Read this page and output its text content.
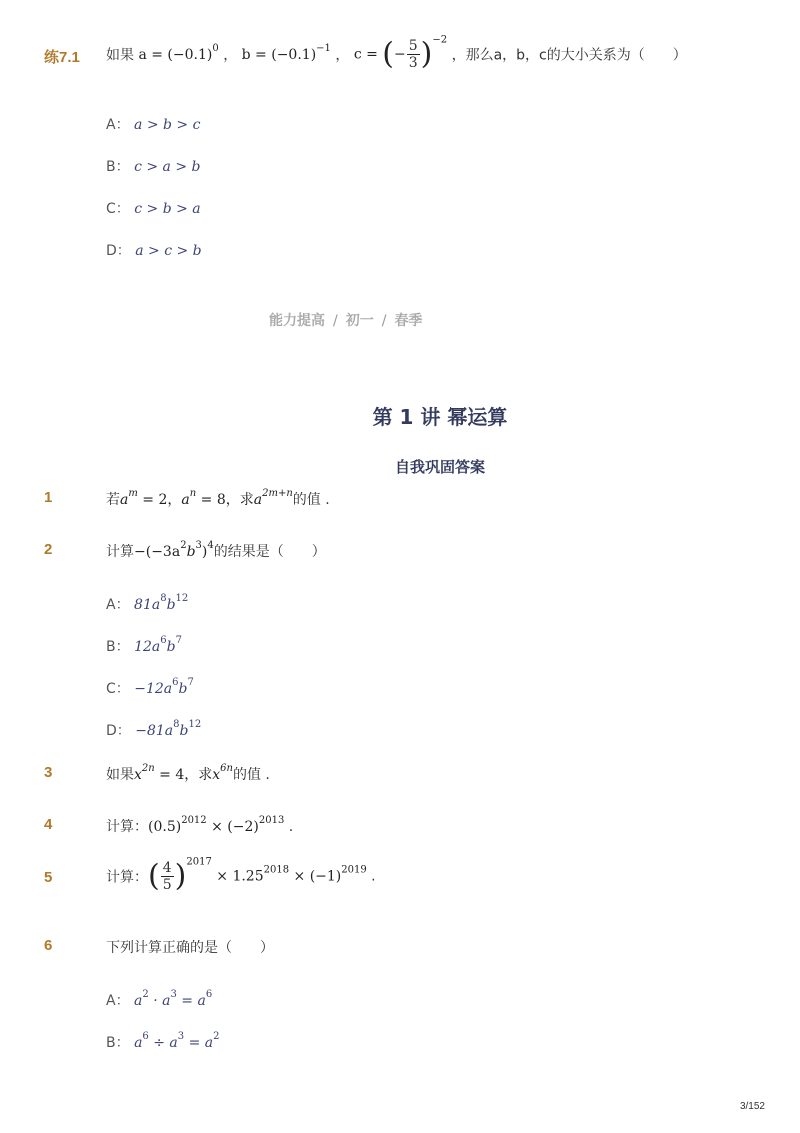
练7.1 如果 $a = (-0.1)^0$ ， $b = (-0.1)^{-1}$ ， c = (− $\frac{5}{3} )^{-2}$ ，那么a，b，c的大小关系为（　　）
A： a > b > c
B： c > a > b
C： c > b > a
D： a > c > b
能力提高 / 初一 / 春季
第 1 讲 幂运算
自我巩固答案
1	若$a^m = 2$，$a^n = 8$，求$a^{2m+n}$的值 .
2	计算$-(-3a^2b^3)^4$的结果是（　　）
A： $81a^8b^{12}$
B： $12a^6b^7$
C： $-12a^6b^7$
D： $-81a^8b^{12}$
3	如果$x^{2n} = 4$，求$x^{6n}$的值 .
4	计算：$(0.5)^{2012} \times (-2)^{2013}$ .
5	计算：( $\frac{4}{5} )^{2017} \times 1.25^{2018} \times (-1)^{2019}$ .
6	下列计算正确的是（　　）
A： $a^2 \cdot a^3 = a^6$
B： $a^6 \div a^3 = a^2$
3/152
